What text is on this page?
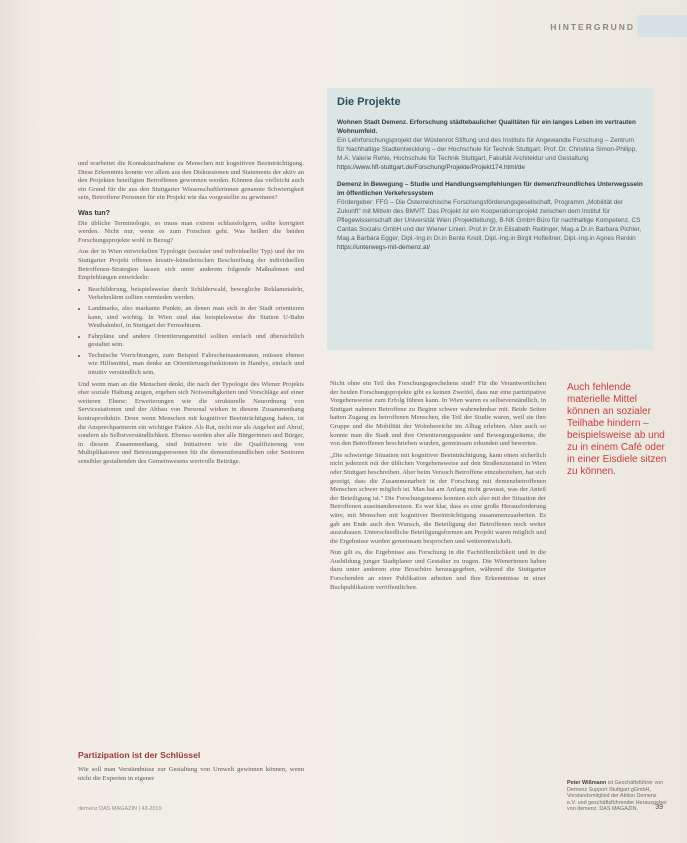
HINTERGRUND
Die Projekte
Wohnen Stadt Demenz. Erforschung städtebaulicher Qualitäten für ein langes Leben im vertrauten Wohnumfeld.
Ein Lehrforschungsprojekt der Wüstenrot Stiftung und des Instituts für Angewandte Forschung – Zentrum für Nachhaltige Stadtentwicklung – der Hochschule für Technik Stuttgart. Prof. Dr. Christina Simon-Philipp, M.A. Valerie Rehle, Hochschule für Technik Stuttgart, Fakultät Architektur und Gestaltung
https://www.hft-stuttgart.de/Forschung/Projekte/Projekt174.html/de
Demenz in Bewegung – Studie und Handlungsempfehlungen für demenzfreundliches Unterwegssein im öffentlichen Verkehrssystem
Fördergeber: FFG – Die Österreichische Forschungsförderungsgesellschaft, Programm „Mobilität der Zukunft" mit Mitteln des BMVIT. Das Projekt ist ein Kooperationsprojekt zwischen dem Institut für Pflegewissenschaft der Universität Wien (Projektleitung), B-NK GmbH Büro für nachhaltige Kompetenz, CS Caritas Socialis GmbH und der Wiener Linien. Prof.in Dr.in Elisabeth Reitinger, Mag.a Dr.in Barbara Pichler, Mag.a Barbara Egger, Dipl.-Ing.in Dr.in Bente Knoll, Dipl.-Ing.in Birgit Hofleitner, Dipl.-Ing.in Agnes Renkin
https://unterwegs-mit-demenz.at/

und erarbeitet die Kontaktaufnahme zu Menschen mit kognitiven Beeinträchtigung. Diese Erkenntnis konnte vor allem aus den Diskussionen und Statements der aktiv an den Projekten beteiligten Betroffenen gewonnen werden. Können das vielleicht auch ein Grund für die aus den Stuttgarter Wissenschaftlerinnen genannte Schwierigkeit sein, Betroffene Personen für ein Projekt wie das vorgestellte zu gewinnen?

Was tun?

Die übliche Terminologie, so muss man extrem schlussfolgern, sollte korrigiert werden. Nicht nur, wenn es zum Forschen geht. Was heißen die beiden Forschungsprojekte wohl in Bezug?

Aus der in Wien entwickelten Typologie (sozialer und individueller Typ) und der im Stuttgarter Projekt offenen kreativ-künstlerischen Beschreibung der individuellen Betroffenen-Strategien lassen sich unter anderem folgende Maßnahmen und Empfehlungen entwickeln:

• Beschilderung, beispielsweise durch Schilderwald, bewegliche Reklametafeln, Verkehrslärm sollten vermieden werden.
• Landmarks, also markante Punkte, an denen man sich in der Stadt orientieren kann, sind wichtig. In Wien sind das beispielsweise die Station U-Bahn Westbahnhof, in Stuttgart der Fernsehturm.
• Fahrpläne und andere Orientierungsmittel sollten einfach und übersichtlich gestaltet sein.
• Technische Vorrichtungen, zum Beispiel Fahrscheinautomaten, müssen ebenso wie Hilfsmittel, man denke an Orientierungsfunktionen in Handys, einfach und intuitiv verständlich sein.

Und wenn man an die Menschen denkt, die nach der Typologie des Wiener Projekts eher soziale Haltung zeigen, ergeben sich Notwendigkeiten und Vorschläge auf einer weiteren Ebene: Erweiterungen wie die strukturelle Neuordnung von Servicestationen und der Abbau von Personal wirken in diesem Zusammenhang kontraproduktiv. Denn wenn Menschen mit kognitiver Beeinträchtigung haben, ist die Ansprechpartnerin ein wichtiger Faktor. Als Rat, nicht nur als Angebot auf Abruf, sondern als Selbstverständlichkeit. Ebenso werden aber alle Bürgerinnen und Bürger, in diesem Zusammenhang, sind Initiativen wie die Qualifizierung von Multiplikatoren und Betreuungspersonen für die demenzfreundlichen oder Senioren sensibler gestaltenden des Gemeinwesens wertvolle Beiträge.

Partizipation ist der Schlüssel
Wie soll man Verständnisse zur Gestaltung von Umwelt gewinnen können, wenn nicht die Experten in eigener

Nicht ohne ein Teil des Forschungsgeschehens sind? Für die Verantwortlichen der beiden Forschungsprojekte gibt es keinen Zweifel, dass nur eine partizipative Vorgehensweise zum Erfolg führen kann. In Wien waren es selbstverständlich, in Stuttgart nahmen Betroffene zu Beginn schwer wahrnehmbar mit. Beide Seiten hatten Zugang zu betroffenen Menschen, die Teil der Studie waren, weil sie ihre Gruppe und die Mobilität der Wohnbereiche im Alltag erlebten. Aber auch so konnte man die Stadt und ihre Orientierungspunkte und Bewegungsräume, die von den Betroffenen beschrieben wurden, gemeinsam erkunden und bewerten.

„Die schwierige Situation mit kognitiver Beeinträchtigung, kann einen sicherlich nicht jederzeit mit der üblichen Vorgehensweise auf den Straßenzustand in Wien oder Stuttgart beschreiben. Aber beim Versuch Betroffene einzubeziehen, hat sich gezeigt, dass die Zusammenarbeit in der Forschung mit demenzbetroffenen Menschen schwer möglich ist. Man hat am Anfang nicht gewusst, was der Anteil der Beteiligung ist." Die Forschungsteams konnten sich also mit der Situation der Betroffenen auseinandersetzen. Es war klar, dass es eine große Herausforderung wäre, mit Menschen mit kognitiver Beeinträchtigung zusammenzuarbeiten. Es gab am Ende auch den Wunsch, die Beteiligung der Betroffenen noch weiter auszubauen. Unterschiedliche Beteiligungsformen am Projekt waren möglich und die Ergebnisse wurden gemeinsam besprochen und weiterentwickelt.

Nun gilt es, die Ergebnisse aus Forschung in die Fachöffentlichkeit und in die Ausbildung junger Stadtplaner und Gestalter zu tragen. Die Wienerinnen haben dazu unter anderem eine Broschüre herausgegeben, während die Stuttgarter Forschenden an einer Publikation arbeiten und ihre Erkenntnisse in einer Buchpublikation veröffentlichen.

Auch fehlende materielle Mittel können an sozialer Teilhabe hindern – beispielsweise ab und zu in einem Café oder in einer Eisdiele sitzen zu können.
Peter Wißmann ist Geschäftsführer von Demenz Support Stuttgart gGmbH, Vorstandsmitglied der Aktion Demenz e.V. und geschäftsführender Herausgeber von demenz. DAS MAGAZIN.
demenz DAS MAGAZIN | 43-2019	39
